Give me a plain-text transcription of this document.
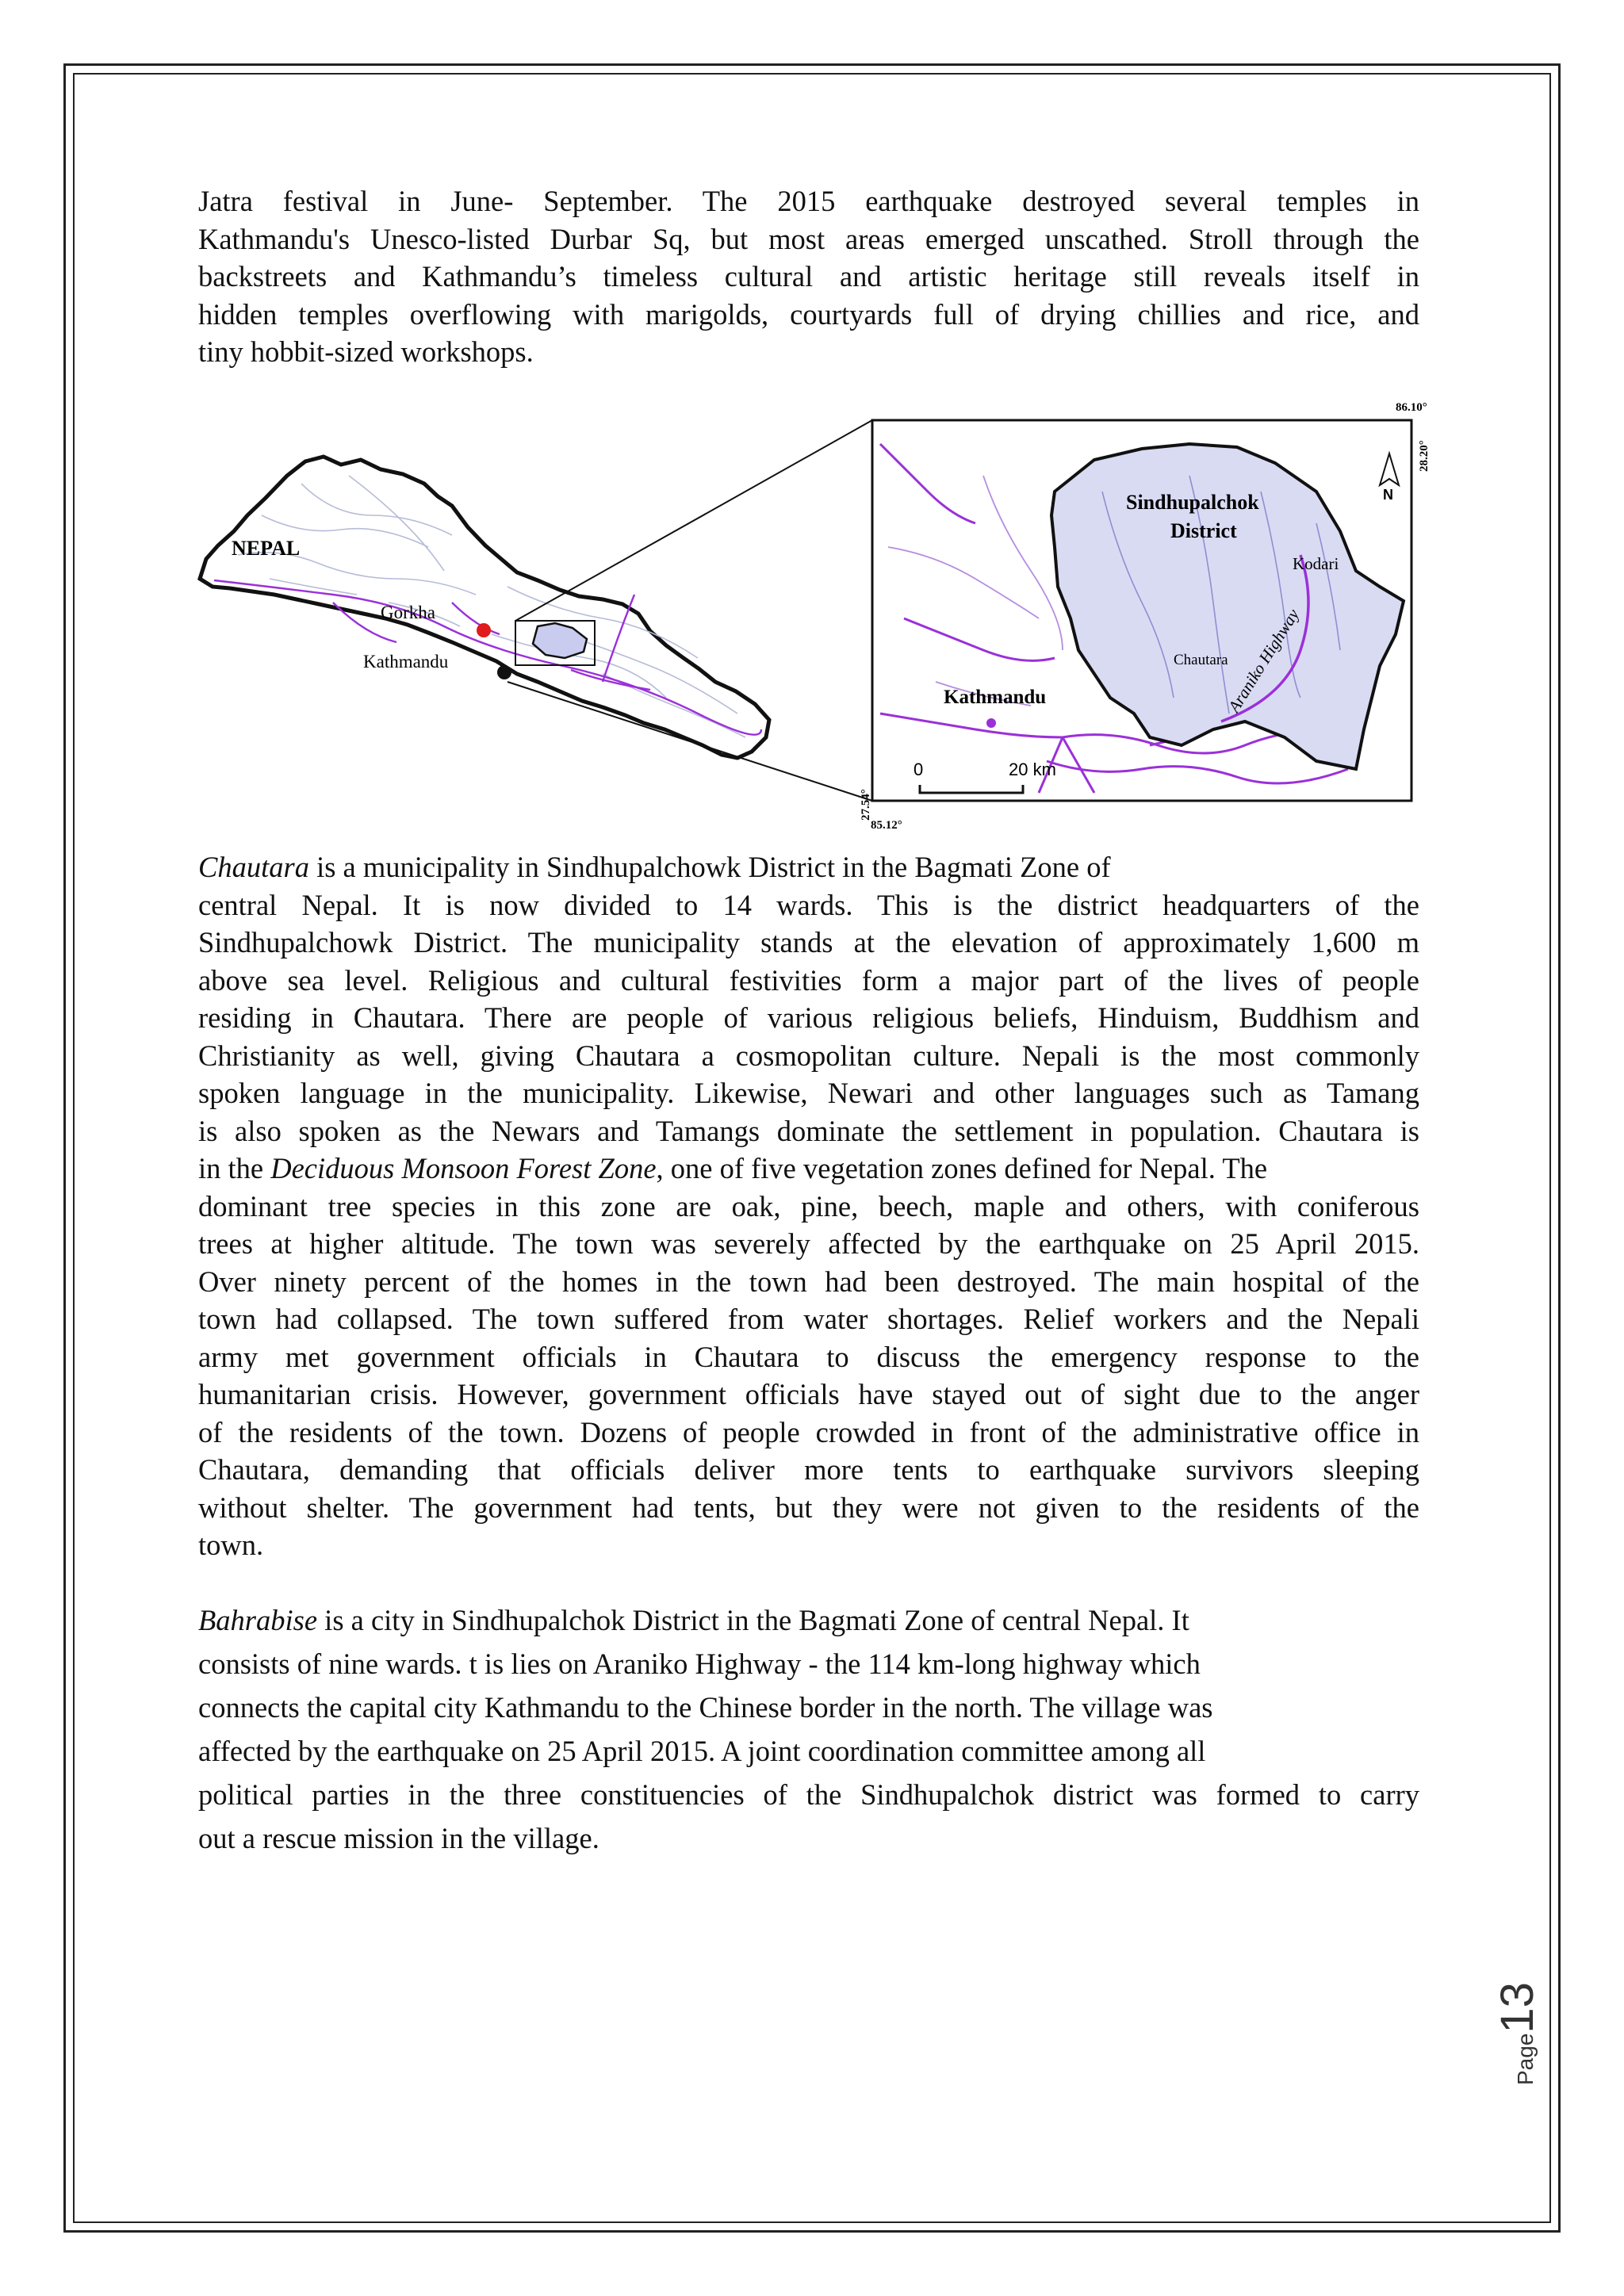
Jatra festival in June- September. The 2015 earthquake destroyed several temples in
Kathmandu's Unesco-listed Durbar Sq, but most areas emerged unscathed. Stroll through the
backstreets and Kathmandu’s timeless cultural and artistic heritage still reveals itself in
hidden temples overflowing with marigolds, courtyards full of drying chillies and rice, and
tiny hobbit-sized workshops.
NEPAL
Gorkha
Kathmandu
Sindhupalchok
District
Kodari
Chautara
Araniko Highway
Kathmandu
0	20 km
N
86.10°
28.20°
27.54°
85.12°
Chautara is a municipality in Sindhupalchowk District in the Bagmati Zone of
central Nepal. It is now divided to 14 wards. This is the district headquarters of the
Sindhupalchowk District. The municipality stands at the elevation of approximately 1,600 m
above sea level. Religious and cultural festivities form a major part of the lives of people
residing in Chautara. There are people of various religious beliefs, Hinduism, Buddhism and
Christianity as well, giving Chautara a cosmopolitan culture. Nepali is the most commonly
spoken language in the municipality. Likewise, Newari and other languages such as Tamang
is also spoken as the Newars and Tamangs dominate the settlement in population. Chautara is
in the Deciduous Monsoon Forest Zone, one of five vegetation zones defined for Nepal. The
dominant tree species in this zone are oak, pine, beech, maple and others, with coniferous
trees at higher altitude. The town was severely affected by the earthquake on 25 April 2015.
Over ninety percent of the homes in the town had been destroyed. The main hospital of the
town had collapsed. The town suffered from water shortages. Relief workers and the Nepali
army met government officials in Chautara to discuss the emergency response to the
humanitarian crisis. However, government officials have stayed out of sight due to the anger
of the residents of the town. Dozens of people crowded in front of the administrative office in
Chautara, demanding that officials deliver more tents to earthquake survivors sleeping
without shelter. The government had tents, but they were not given to the residents of the
town.
Bahrabise is a city in Sindhupalchok District in the Bagmati Zone of central Nepal. It
consists of nine wards. t is lies on Araniko Highway - the 114 km-long highway which
connects the capital city Kathmandu to the Chinese border in the north. The village was
affected by the earthquake on 25 April 2015. A joint coordination committee among all
political parties in the three constituencies of the Sindhupalchok district was formed to carry
out a rescue mission in the village.
Page13
